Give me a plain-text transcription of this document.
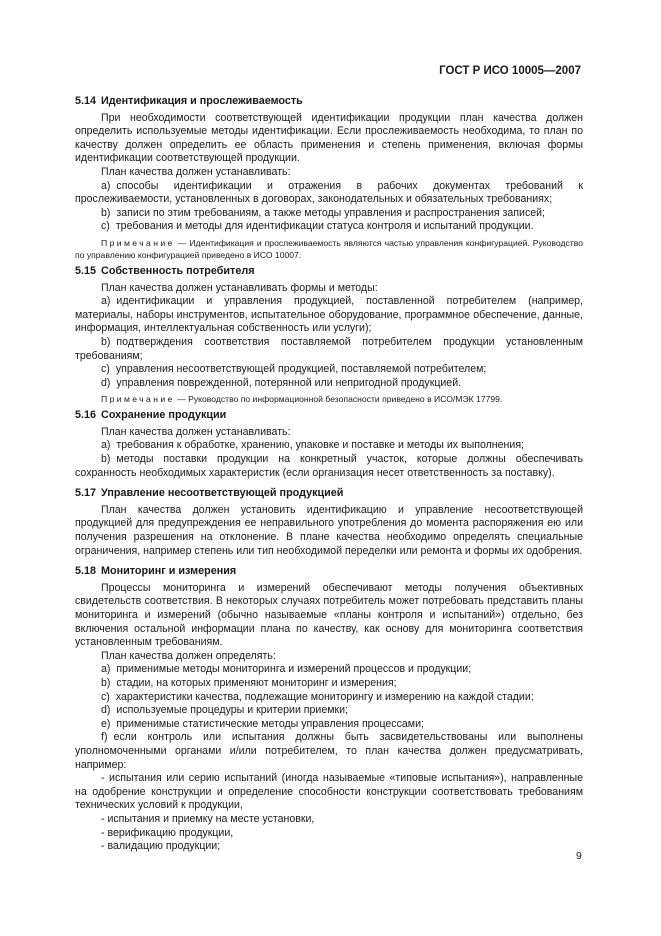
ГОСТ Р ИСО 10005—2007
5.14 Идентификация и прослеживаемость

При необходимости соответствующей идентификации продукции план качества должен определить используемые методы идентификации. Если прослеживаемость необходима, то план по качеству должен определить ее область применения и степень применения, включая формы идентификации соответствующей продукции.

План качества должен устанавливать:

a) способы идентификации и отражения в рабочих документах требований к прослеживаемости, установленных в договорах, законодательных и обязательных требованиях;

b) записи по этим требованиям, а также методы управления и распространения записей;

c) требования и методы для идентификации статуса контроля и испытаний продукции.

Примечание — Идентификация и прослеживаемость являются частью управления конфигурацией. Руководство по управлению конфигурацией приведено в ИСО 10007.

5.15 Собственность потребителя

План качества должен устанавливать формы и методы:

a) идентификации и управления продукцией, поставленной потребителем (например, материалы, наборы инструментов, испытательное оборудование, программное обеспечение, данные, информация, интеллектуальная собственность или услуги);

b) подтверждения соответствия поставляемой потребителем продукции установленным требованиям;

c) управления несоответствующей продукцией, поставляемой потребителем;

d) управления поврежденной, потерянной или непригодной продукцией.

Примечание — Руководство по информационной безопасности приведено в ИСО/МЭК 17799.

5.16 Сохранение продукции

План качества должен устанавливать:

a) требования к обработке, хранению, упаковке и поставке и методы их выполнения;

b) методы поставки продукции на конкретный участок, которые должны обеспечивать сохранность необходимых характеристик (если организация несет ответственность за поставку).

5.17 Управление несоответствующей продукцией

План качества должен установить идентификацию и управление несоответствующей продукцией для предупреждения ее неправильного употребления до момента распоряжения ею или получения разрешения на отклонение. В плане качества необходимо определять специальные ограничения, например степень или тип необходимой переделки или ремонта и формы их одобрения.

5.18 Мониторинг и измерения

Процессы мониторинга и измерений обеспечивают методы получения объективных свидетельств соответствия. В некоторых случаях потребитель может потребовать представить планы мониторинга и измерений (обычно называемые «планы контроля и испытаний») отдельно, без включения остальной информации плана по качеству, как основу для мониторинга соответствия установленным требованиям.

План качества должен определять:

a) применимые методы мониторинга и измерений процессов и продукции;

b) стадии, на которых применяют мониторинг и измерения;

c) характеристики качества, подлежащие мониторингу и измерению на каждой стадии;

d) используемые процедуры и критерии приемки;

e) применимые статистические методы управления процессами;

f) если контроль или испытания должны быть засвидетельствованы или выполнены уполномоченными органами и/или потребителем, то план качества должен предусматривать, например:

- испытания или серию испытаний (иногда называемые «типовые испытания»), направленные на одобрение конструкции и определение способности конструкции соответствовать требованиям технических условий к продукции,

- испытания и приемку на месте установки,

- верификацию продукции,

- валидацию продукции;

9
